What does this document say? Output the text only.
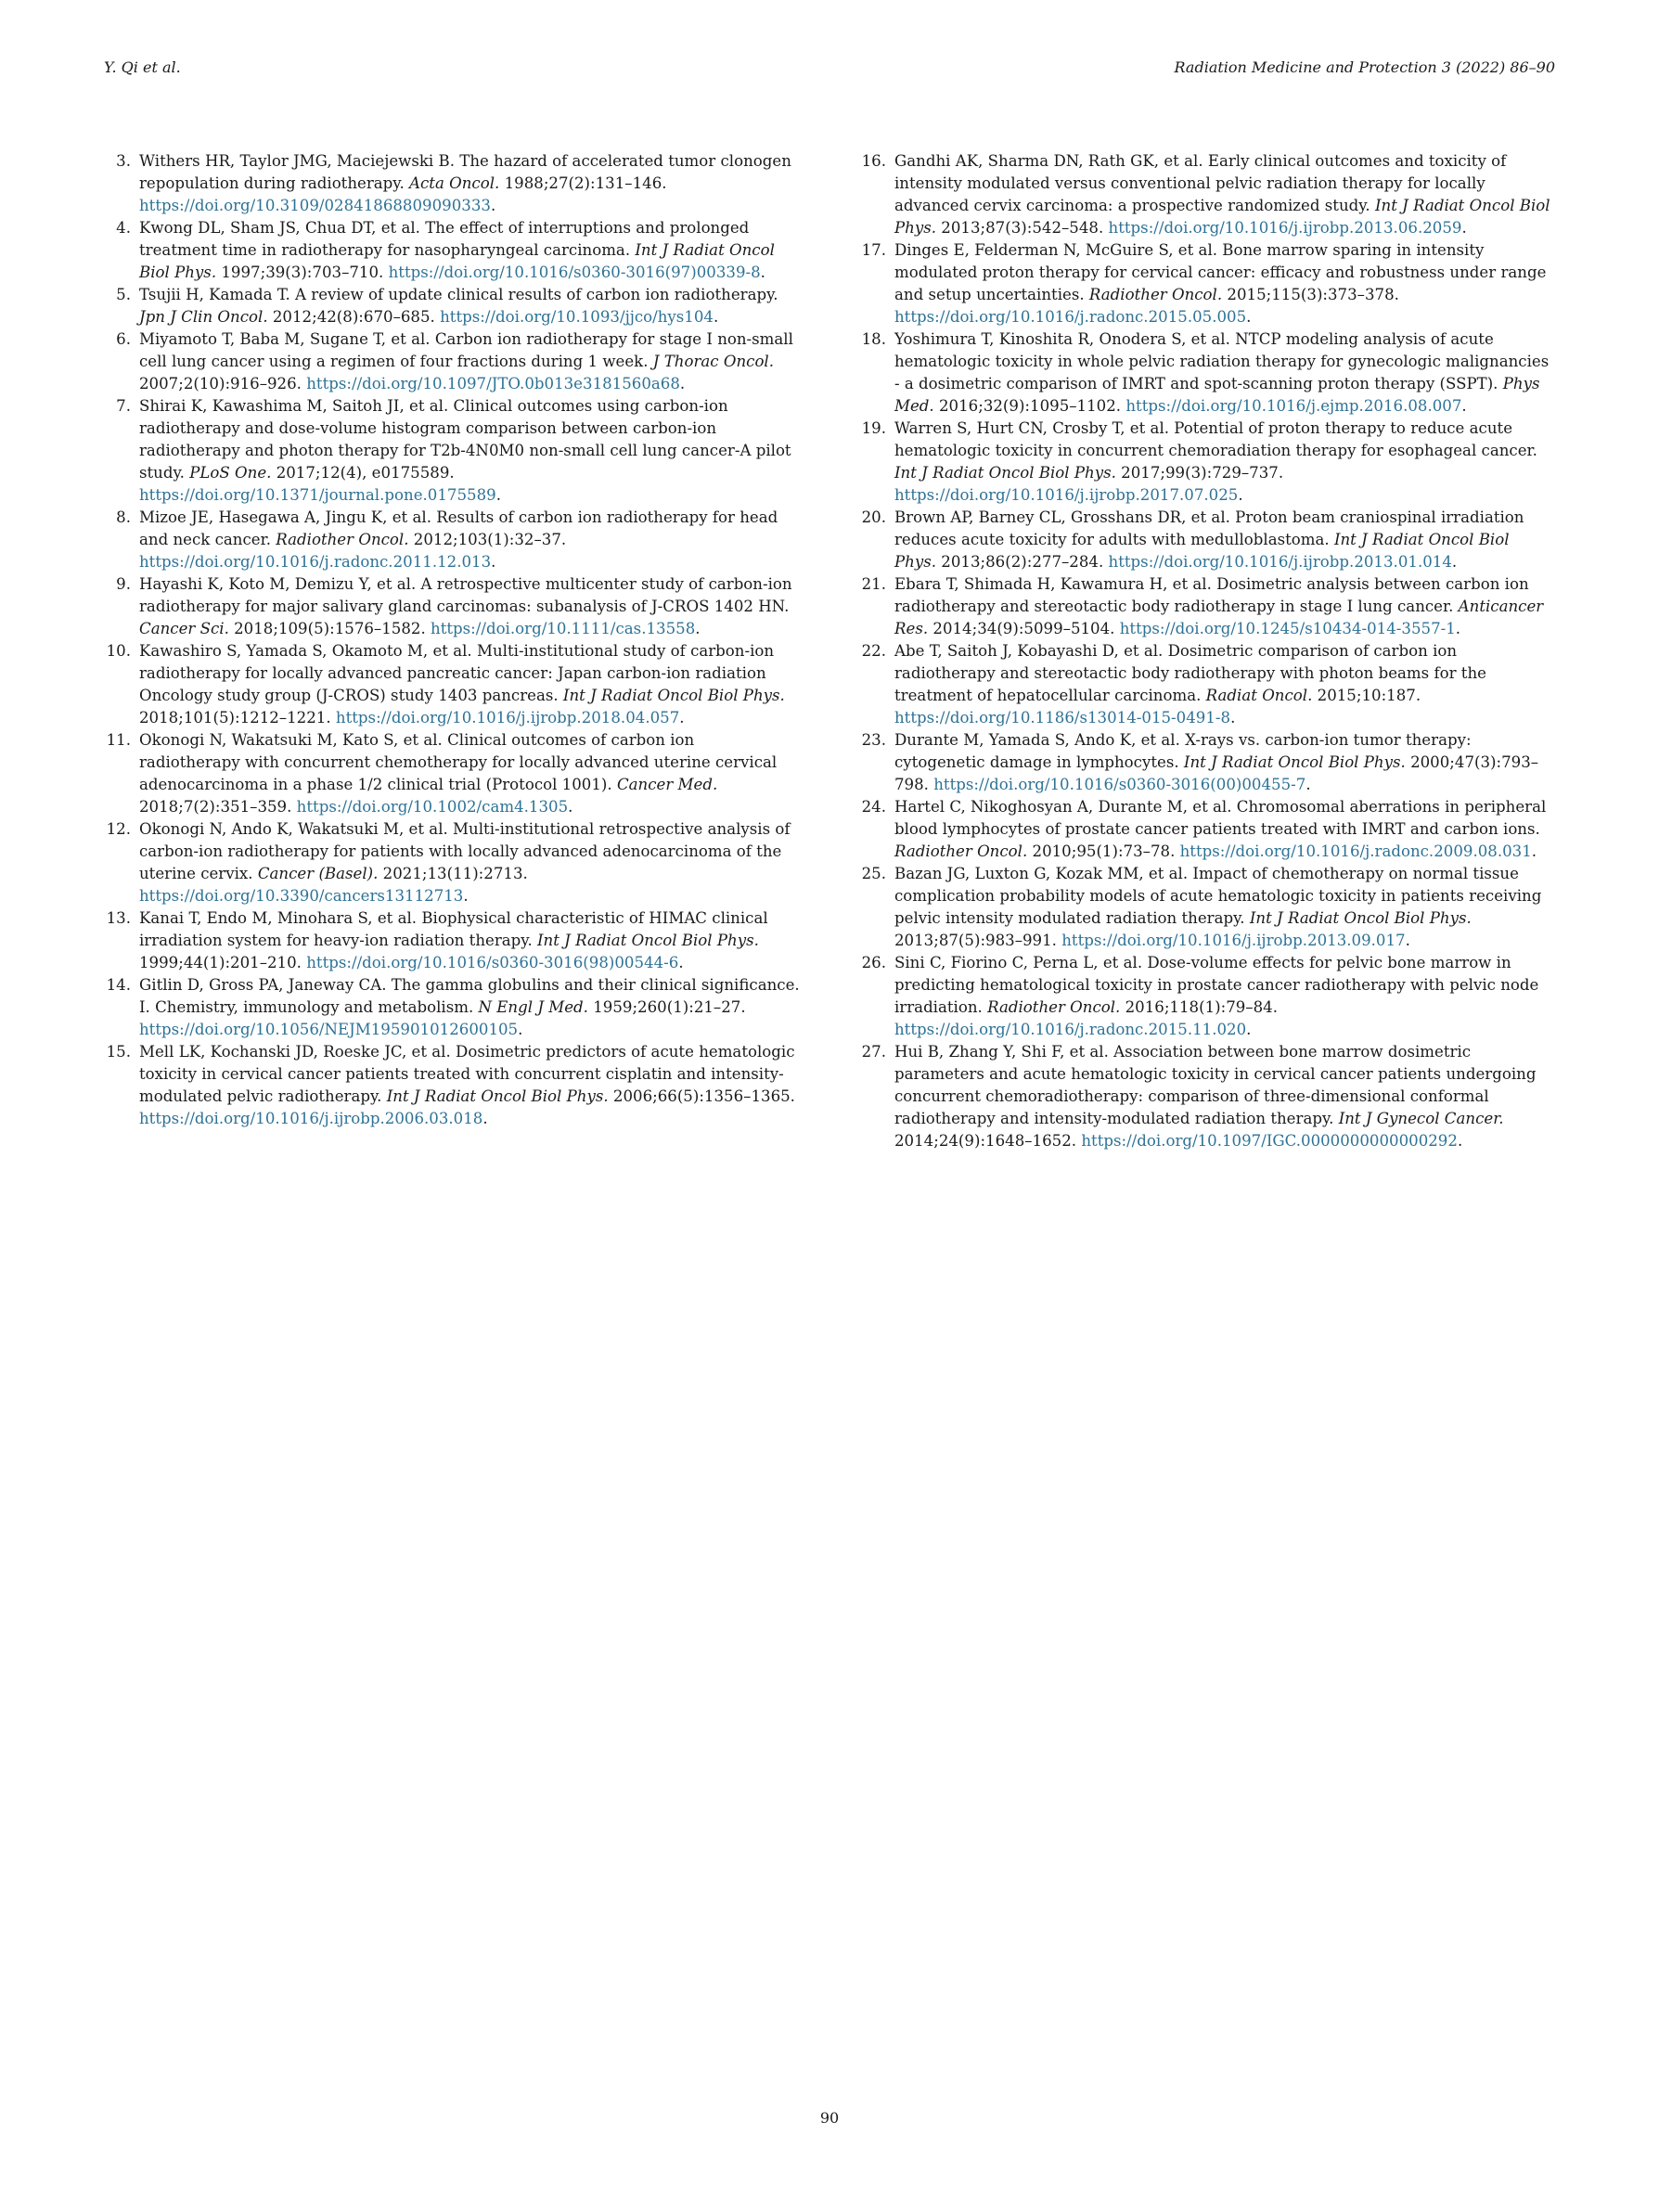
Y. Qi et al.	Radiation Medicine and Protection 3 (2022) 86–90
3. Withers HR, Taylor JMG, Maciejewski B. The hazard of accelerated tumor clonogen repopulation during radiotherapy. Acta Oncol. 1988;27(2):131–146. https://doi.org/10.3109/02841868809090333.
4. Kwong DL, Sham JS, Chua DT, et al. The effect of interruptions and prolonged treatment time in radiotherapy for nasopharyngeal carcinoma. Int J Radiat Oncol Biol Phys. 1997;39(3):703–710. https://doi.org/10.1016/s0360-3016(97)00339-8.
5. Tsujii H, Kamada T. A review of update clinical results of carbon ion radiotherapy. Jpn J Clin Oncol. 2012;42(8):670–685. https://doi.org/10.1093/jjco/hys104.
6. Miyamoto T, Baba M, Sugane T, et al. Carbon ion radiotherapy for stage I non-small cell lung cancer using a regimen of four fractions during 1 week. J Thorac Oncol. 2007;2(10):916–926. https://doi.org/10.1097/JTO.0b013e3181560a68.
7. Shirai K, Kawashima M, Saitoh JI, et al. Clinical outcomes using carbon-ion radiotherapy and dose-volume histogram comparison between carbon-ion radiotherapy and photon therapy for T2b-4N0M0 non-small cell lung cancer-A pilot study. PLoS One. 2017;12(4), e0175589. https://doi.org/10.1371/journal.pone.0175589.
8. Mizoe JE, Hasegawa A, Jingu K, et al. Results of carbon ion radiotherapy for head and neck cancer. Radiother Oncol. 2012;103(1):32–37. https://doi.org/10.1016/j.radonc.2011.12.013.
9. Hayashi K, Koto M, Demizu Y, et al. A retrospective multicenter study of carbon-ion radiotherapy for major salivary gland carcinomas: subanalysis of J-CROS 1402 HN. Cancer Sci. 2018;109(5):1576–1582. https://doi.org/10.1111/cas.13558.
10. Kawashiro S, Yamada S, Okamoto M, et al. Multi-institutional study of carbon-ion radiotherapy for locally advanced pancreatic cancer: Japan carbon-ion radiation Oncology study group (J-CROS) study 1403 pancreas. Int J Radiat Oncol Biol Phys. 2018;101(5):1212–1221. https://doi.org/10.1016/j.ijrobp.2018.04.057.
11. Okonogi N, Wakatsuki M, Kato S, et al. Clinical outcomes of carbon ion radiotherapy with concurrent chemotherapy for locally advanced uterine cervical adenocarcinoma in a phase 1/2 clinical trial (Protocol 1001). Cancer Med. 2018;7(2):351–359. https://doi.org/10.1002/cam4.1305.
12. Okonogi N, Ando K, Wakatsuki M, et al. Multi-institutional retrospective analysis of carbon-ion radiotherapy for patients with locally advanced adenocarcinoma of the uterine cervix. Cancer (Basel). 2021;13(11):2713. https://doi.org/10.3390/cancers13112713.
13. Kanai T, Endo M, Minohara S, et al. Biophysical characteristic of HIMAC clinical irradiation system for heavy-ion radiation therapy. Int J Radiat Oncol Biol Phys. 1999;44(1):201–210. https://doi.org/10.1016/s0360-3016(98)00544-6.
14. Gitlin D, Gross PA, Janeway CA. The gamma globulins and their clinical significance. I. Chemistry, immunology and metabolism. N Engl J Med. 1959;260(1):21–27. https://doi.org/10.1056/NEJM195901012600105.
15. Mell LK, Kochanski JD, Roeske JC, et al. Dosimetric predictors of acute hematologic toxicity in cervical cancer patients treated with concurrent cisplatin and intensity-modulated pelvic radiotherapy. Int J Radiat Oncol Biol Phys. 2006;66(5):1356–1365. https://doi.org/10.1016/j.ijrobp.2006.03.018.
16. Gandhi AK, Sharma DN, Rath GK, et al. Early clinical outcomes and toxicity of intensity modulated versus conventional pelvic radiation therapy for locally advanced cervix carcinoma: a prospective randomized study. Int J Radiat Oncol Biol Phys. 2013;87(3):542–548. https://doi.org/10.1016/j.ijrobp.2013.06.2059.
17. Dinges E, Felderman N, McGuire S, et al. Bone marrow sparing in intensity modulated proton therapy for cervical cancer: efficacy and robustness under range and setup uncertainties. Radiother Oncol. 2015;115(3):373–378. https://doi.org/10.1016/j.radonc.2015.05.005.
18. Yoshimura T, Kinoshita R, Onodera S, et al. NTCP modeling analysis of acute hematologic toxicity in whole pelvic radiation therapy for gynecologic malignancies - a dosimetric comparison of IMRT and spot-scanning proton therapy (SSPT). Phys Med. 2016;32(9):1095–1102. https://doi.org/10.1016/j.ejmp.2016.08.007.
19. Warren S, Hurt CN, Crosby T, et al. Potential of proton therapy to reduce acute hematologic toxicity in concurrent chemoradiation therapy for esophageal cancer. Int J Radiat Oncol Biol Phys. 2017;99(3):729–737. https://doi.org/10.1016/j.ijrobp.2017.07.025.
20. Brown AP, Barney CL, Grosshans DR, et al. Proton beam craniospinal irradiation reduces acute toxicity for adults with medulloblastoma. Int J Radiat Oncol Biol Phys. 2013;86(2):277–284. https://doi.org/10.1016/j.ijrobp.2013.01.014.
21. Ebara T, Shimada H, Kawamura H, et al. Dosimetric analysis between carbon ion radiotherapy and stereotactic body radiotherapy in stage I lung cancer. Anticancer Res. 2014;34(9):5099–5104. https://doi.org/10.1245/s10434-014-3557-1.
22. Abe T, Saitoh J, Kobayashi D, et al. Dosimetric comparison of carbon ion radiotherapy and stereotactic body radiotherapy with photon beams for the treatment of hepatocellular carcinoma. Radiat Oncol. 2015;10:187. https://doi.org/10.1186/s13014-015-0491-8.
23. Durante M, Yamada S, Ando K, et al. X-rays vs. carbon-ion tumor therapy: cytogenetic damage in lymphocytes. Int J Radiat Oncol Biol Phys. 2000;47(3):793–798. https://doi.org/10.1016/s0360-3016(00)00455-7.
24. Hartel C, Nikoghosyan A, Durante M, et al. Chromosomal aberrations in peripheral blood lymphocytes of prostate cancer patients treated with IMRT and carbon ions. Radiother Oncol. 2010;95(1):73–78. https://doi.org/10.1016/j.radonc.2009.08.031.
25. Bazan JG, Luxton G, Kozak MM, et al. Impact of chemotherapy on normal tissue complication probability models of acute hematologic toxicity in patients receiving pelvic intensity modulated radiation therapy. Int J Radiat Oncol Biol Phys. 2013;87(5):983–991. https://doi.org/10.1016/j.ijrobp.2013.09.017.
26. Sini C, Fiorino C, Perna L, et al. Dose-volume effects for pelvic bone marrow in predicting hematological toxicity in prostate cancer radiotherapy with pelvic node irradiation. Radiother Oncol. 2016;118(1):79–84. https://doi.org/10.1016/j.radonc.2015.11.020.
27. Hui B, Zhang Y, Shi F, et al. Association between bone marrow dosimetric parameters and acute hematologic toxicity in cervical cancer patients undergoing concurrent chemoradiotherapy: comparison of three-dimensional conformal radiotherapy and intensity-modulated radiation therapy. Int J Gynecol Cancer. 2014;24(9):1648–1652. https://doi.org/10.1097/IGC.0000000000000292.
90
